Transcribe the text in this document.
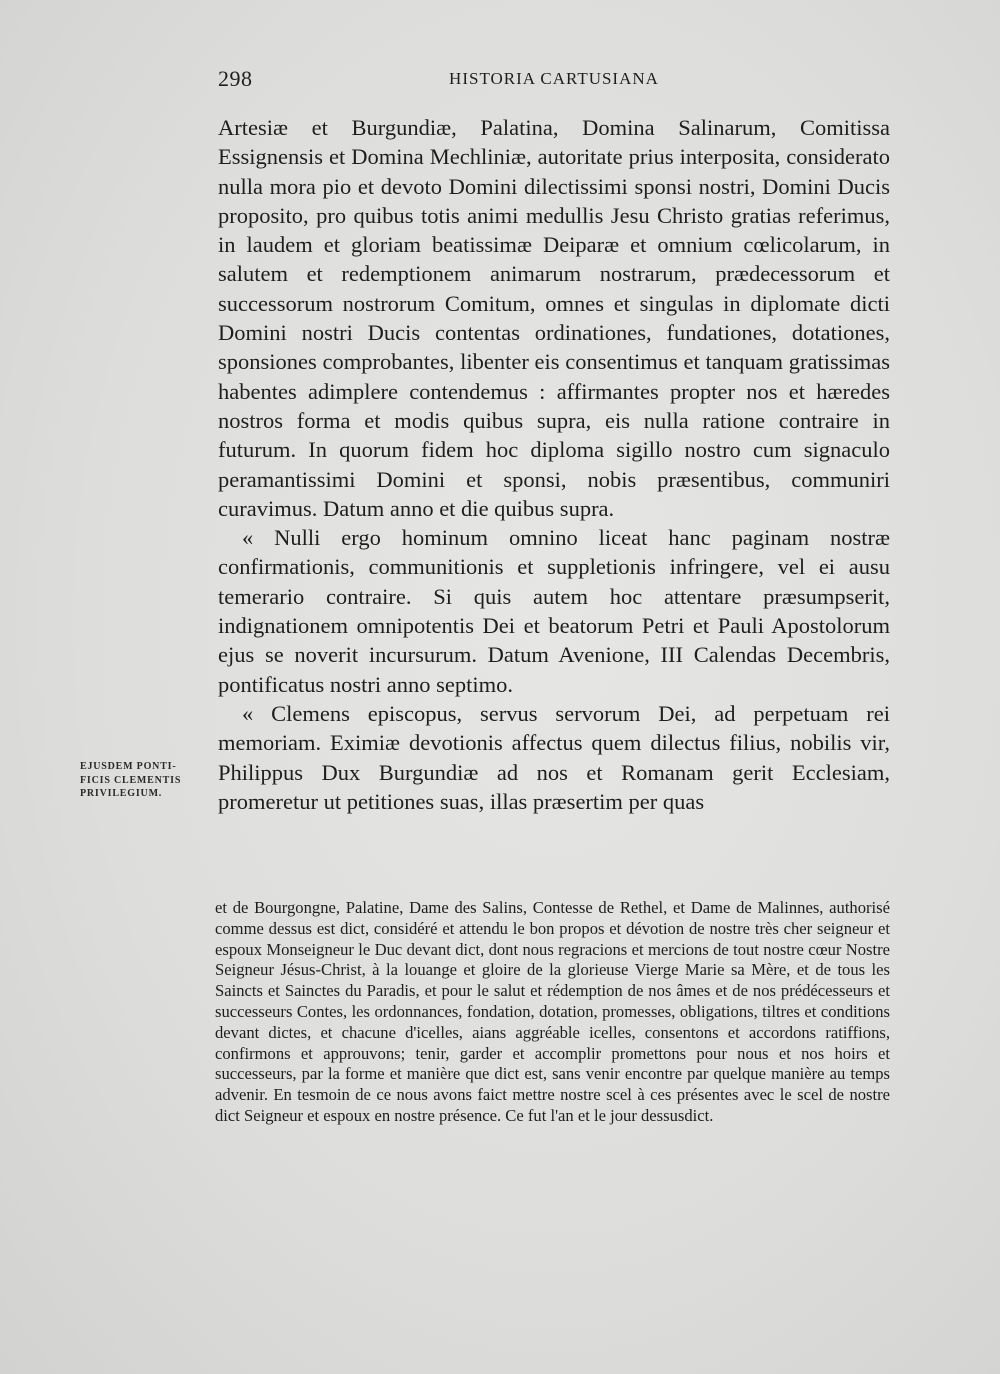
298	HISTORIA CARTUSIANA

Artesiæ et Burgundiæ, Palatina, Domina Salinarum, Comitissa Essignensis et Domina Mechliniæ, autoritate prius interposita, considerato nulla mora pio et devoto Domini dilectissimi sponsi nostri, Domini Ducis proposito, pro quibus totis animi medullis Jesu Christo gratias referimus, in laudem et gloriam beatissimæ Deiparæ et omnium cœlicolarum, in salutem et redemptionem animarum nostrarum, prædecessorum et successorum nostrorum Comitum, omnes et singulas in diplomate dicti Domini nostri Ducis contentas ordinationes, fundationes, dotationes, sponsiones comprobantes, libenter eis consentimus et tanquam gratissimas habentes adimplere contendemus : affirmantes propter nos et hæredes nostros forma et modis quibus supra, eis nulla ratione contraire in futurum. In quorum fidem hoc diploma sigillo nostro cum signaculo peramantissimi Domini et sponsi, nobis præsentibus, communiri curavimus. Datum anno et die quibus supra.

« Nulli ergo hominum omnino liceat hanc paginam nostræ confirmationis, communitionis et suppletionis infringere, vel ei ausu temerario contraire. Si quis autem hoc attentare præsumpserit, indignationem omnipotentis Dei et beatorum Petri et Pauli Apostolorum ejus se noverit incursurum. Datum Avenione, III Calendas Decembris, pontificatus nostri anno septimo.

« Clemens episcopus, servus servorum Dei, ad perpetuam rei memoriam. Eximiæ devotionis affectus quem dilectus filius, nobilis vir, Philippus Dux Burgundiæ ad nos et Romanam gerit Ecclesiam, promeretur ut petitiones suas, illas præsertim per quas

EJUSDEM PONTI-
FICIS CLEMENTIS
PRIVILEGIUM.

et de Bourgongne, Palatine, Dame des Salins, Contesse de Rethel, et Dame de Malinnes, authorisé comme dessus est dict, considéré et attendu le bon propos et dévotion de nostre très cher seigneur et espoux Monseigneur le Duc devant dict, dont nous regracions et mercions de tout nostre cœur Nostre Seigneur Jésus-Christ, à la louange et gloire de la glorieuse Vierge Marie sa Mère, et de tous les Saincts et Sainctes du Paradis, et pour le salut et rédemption de nos âmes et de nos prédécesseurs et successeurs Contes, les ordonnances, fondation, dotation, promesses, obligations, tiltres et conditions devant dictes, et chacune d'icelles, aians aggréable icelles, consentons et accordons ratiffions, confirmons et approuvons; tenir, garder et accomplir promettons pour nous et nos hoirs et successeurs, par la forme et manière que dict est, sans venir encontre par quelque manière au temps advenir. En tesmoin de ce nous avons faict mettre nostre scel à ces présentes avec le scel de nostre dict Seigneur et espoux en nostre présence. Ce fut l'an et le jour dessusdict.
